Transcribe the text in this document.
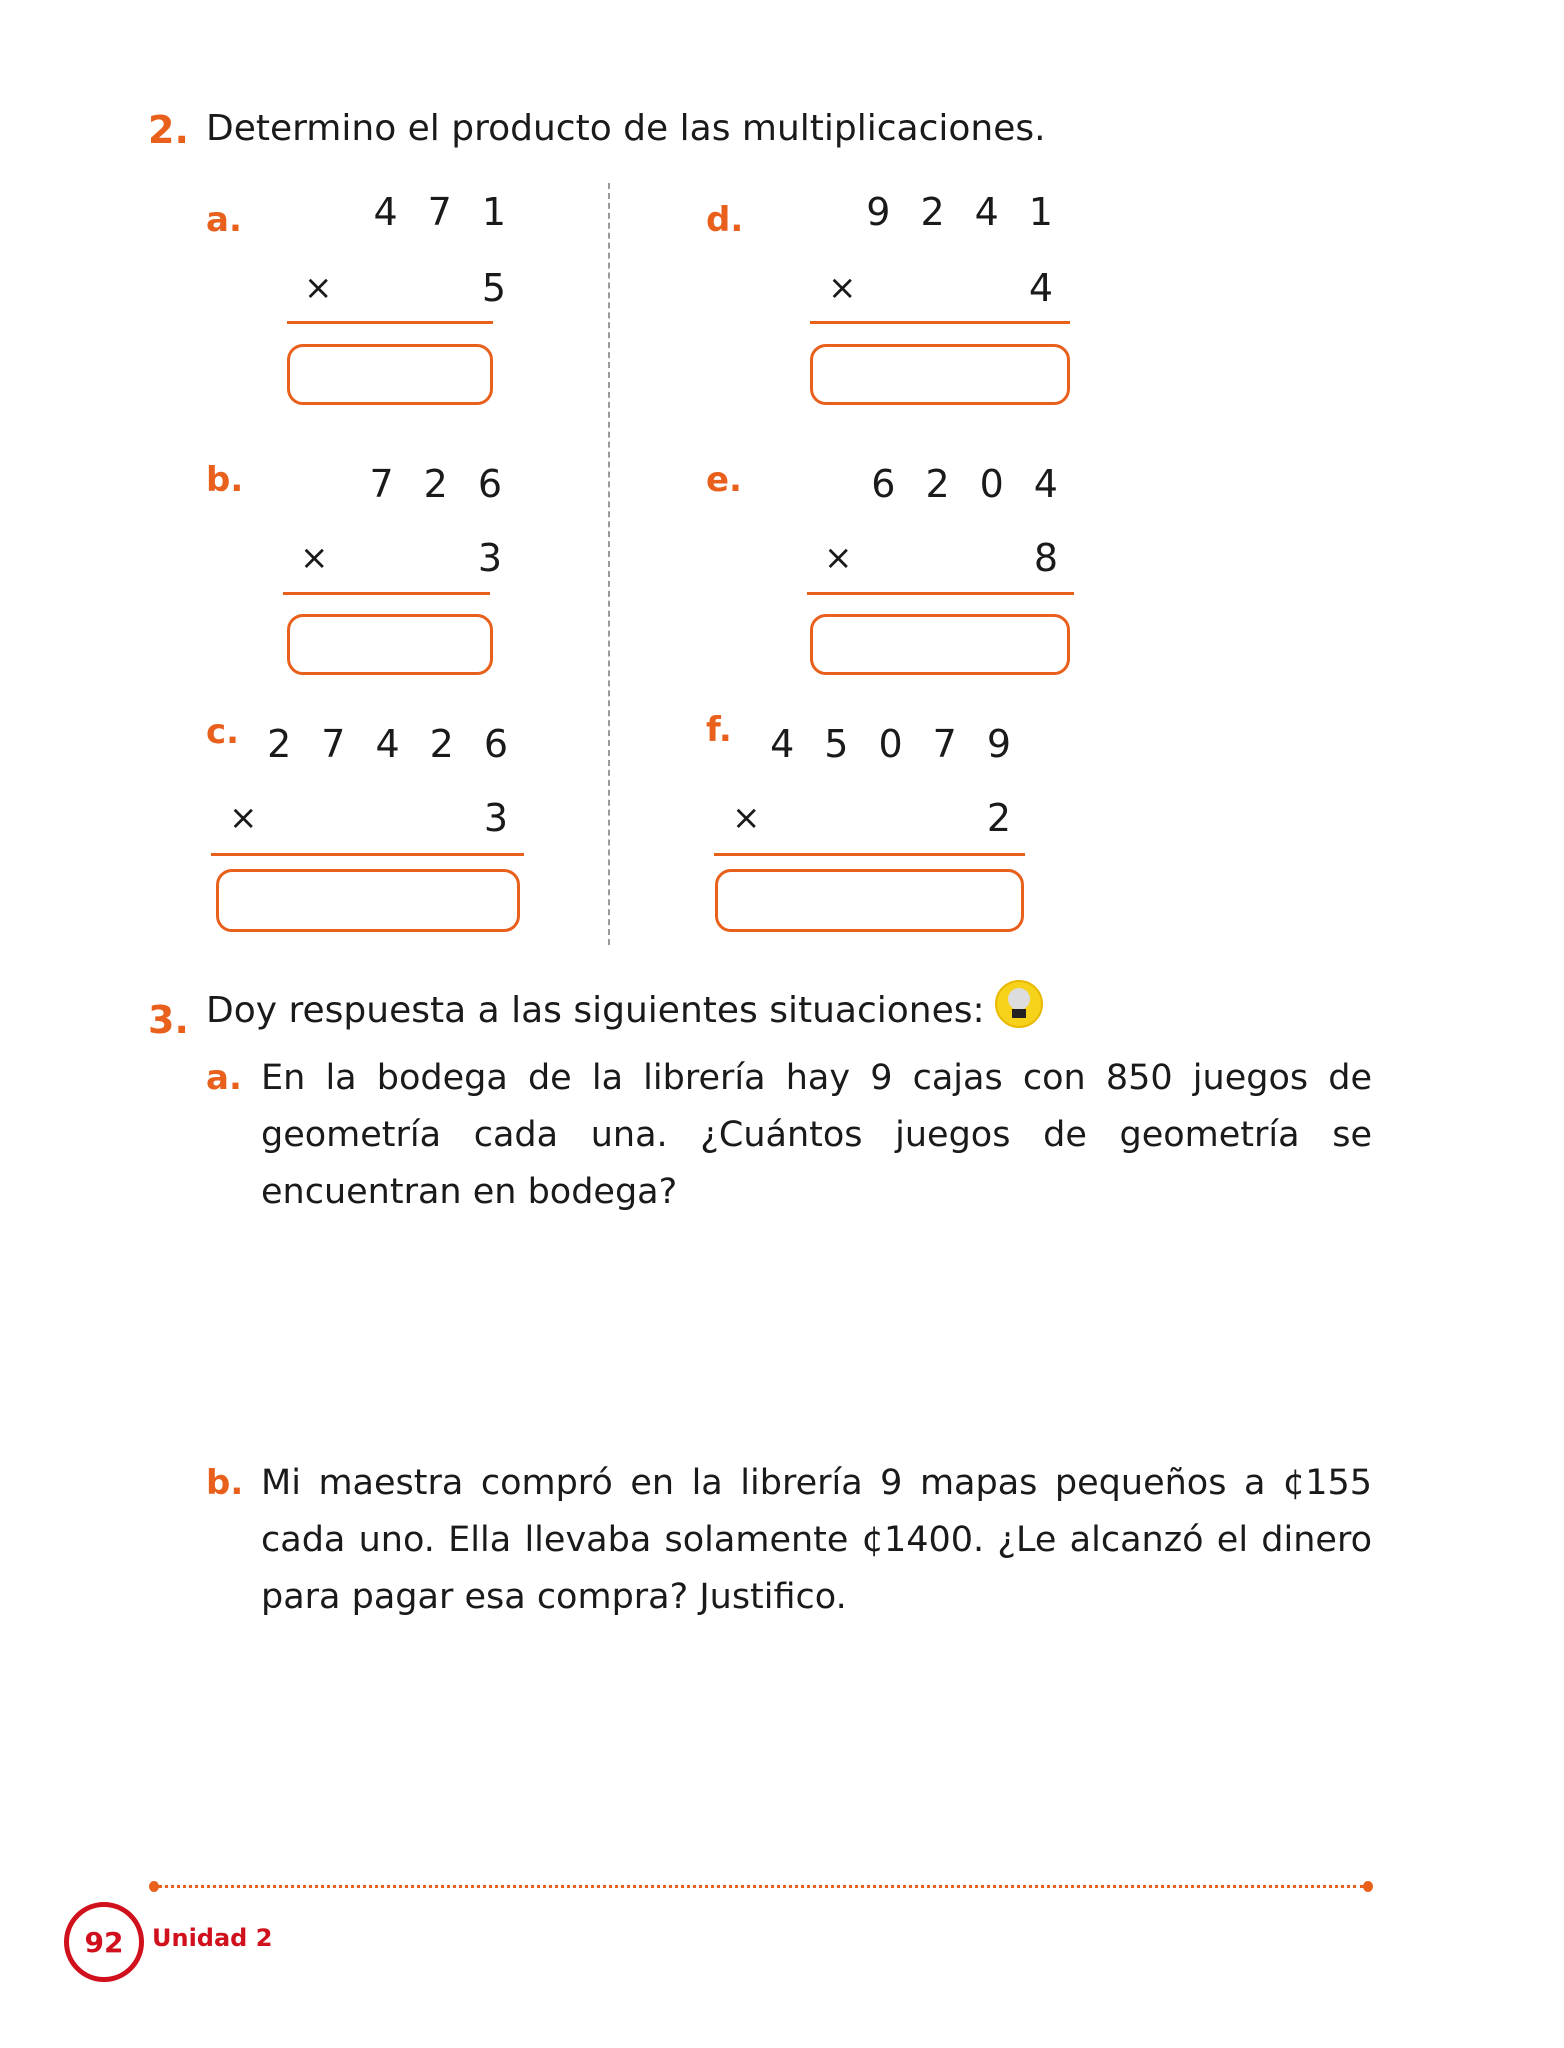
2. Determino el producto de las multiplicaciones.
a.	471
×	5
b.	726
×	3
c. 27426
×	3
d.	9241
×	4
e.	6204
×	8
f. 45079
×	2
3. Doy respuesta a las siguientes situaciones:
a. En la bodega de la librería hay 9 cajas con 850 juegos de geometría cada una. ¿Cuántos juegos de geometría se encuentran en bodega?
b. Mi maestra compró en la librería 9 mapas pequeños a ¢155 cada uno. Ella llevaba solamente ¢1400. ¿Le alcanzó el dinero para pagar esa compra? Justifico.
92 Unidad 2
